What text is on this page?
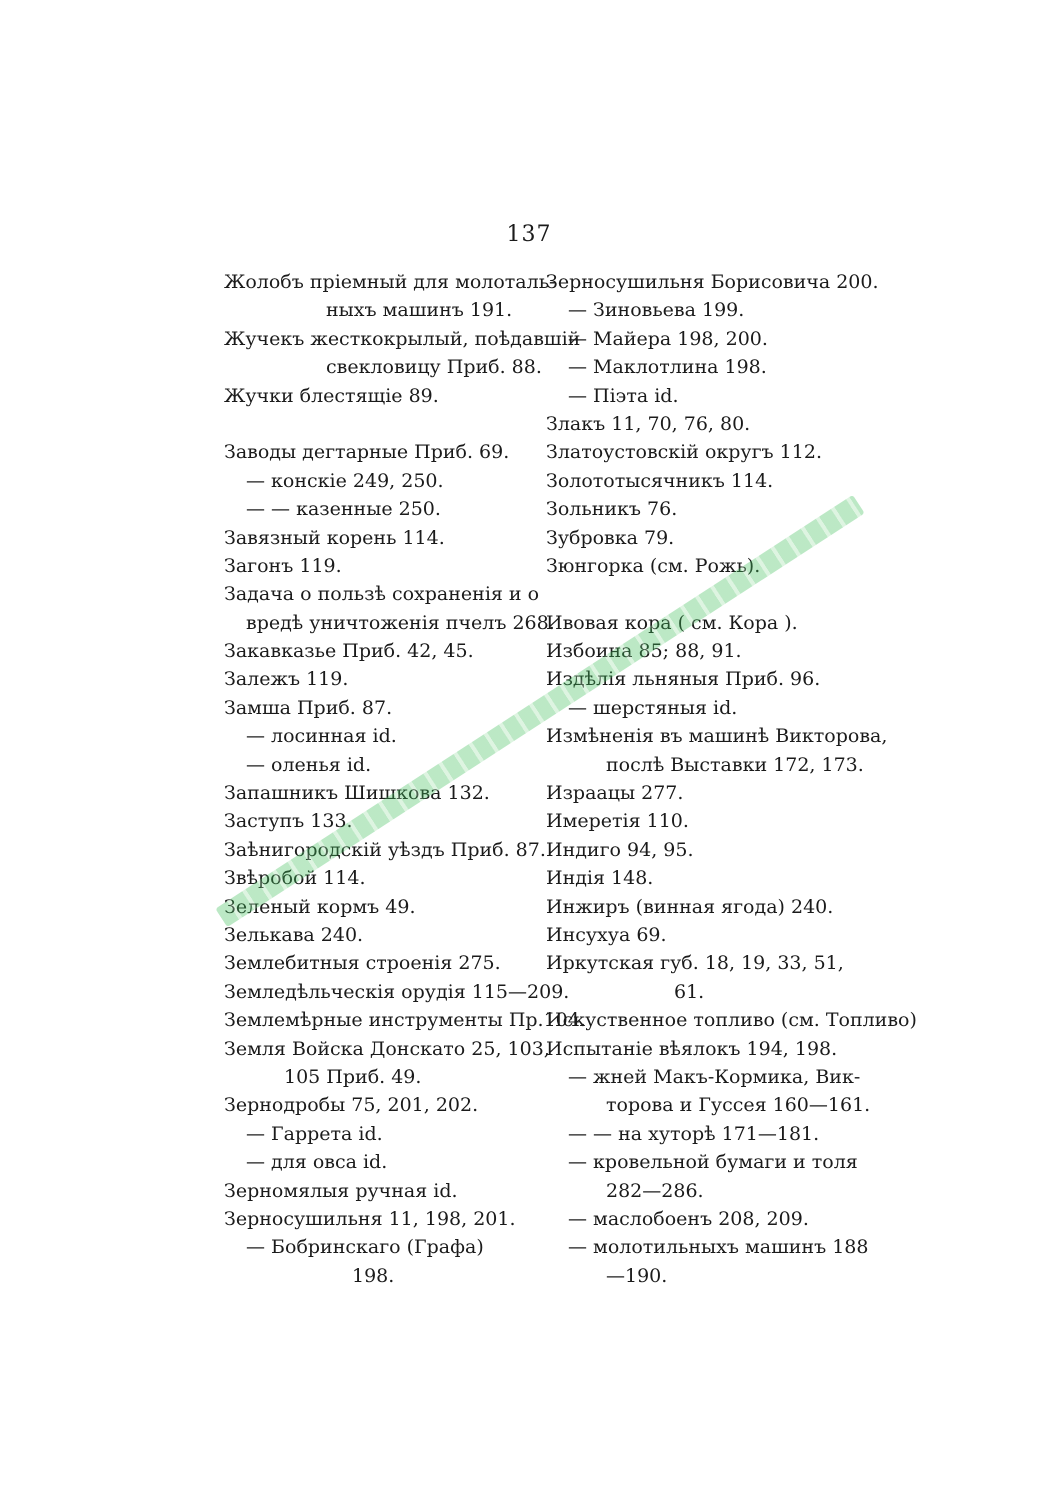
137
Жолобъ пріемный для молоталь-
ныхъ машинъ 191.
Жучекъ жесткокрылый, поѣдавшій
свекловицу Приб. 88.
Жучки блестящіе 89.
Заводы дегтарные Приб. 69.
— конскіе 249, 250.
— — казенные 250.
Завязный корень 114.
Загонъ 119.
Задача о пользѣ сохраненія и о
вредѣ уничтоженія пчелъ 268.
Закавказье Приб. 42, 45.
Залежъ 119.
Замша Приб. 87.
— лосинная id.
— оленья id.
Запашникъ Шишкова 132.
Заступъ 133.
Заѣнигородскій уѣздъ Приб. 87.
Звѣробой 114.
Зеленый кормъ 49.
Зелькава 240.
Землебитныя строенія 275.
Земледѣльческія орудія 115—209.
Землемѣрные инструменты Пр.104.
Земля Войска Донскато 25, 103,
105 Приб. 49.
Зернодробы 75, 201, 202.
— Гаррета id.
— для овса id.
Зерномялыя ручная id.
Зерносушильня 11, 198, 201.
— Бобринскаго (Графа)
198.
Зерносушильня Борисовича 200.
— Зиновьева 199.
— Майера 198, 200.
— Маклотлина 198.
— Піэта id.
Злакъ 11, 70, 76, 80.
Златоустовскій округъ 112.
Золототысячникъ 114.
Зольникъ 76.
Зубровка 79.
Зюнгорка (см. Рожь).
Ивовая кора ( см. Кора ).
Избоина 85; 88, 91.
Издѣлія льняныя Приб. 96.
— шерстяныя id.
Измѣненія въ машинѣ Викторова,
послѣ Выставки 172, 173.
Израацы 277.
Имеретія 110.
Индиго 94, 95.
Индія 148.
Инжиръ (винная ягода) 240.
Инсухуа 69.
Иркутская губ. 18, 19, 33, 51,
61.
Искуственное топливо (см. Топливо)
Испытаніе вѣялокъ 194, 198.
— жней Макъ-Кормика, Вик-
торова и Гуссея 160—161.
— — на хуторѣ 171—181.
— кровельной бумаги и толя
282—286.
— маслобоенъ 208, 209.
— молотильныхъ машинъ 188
—190.
